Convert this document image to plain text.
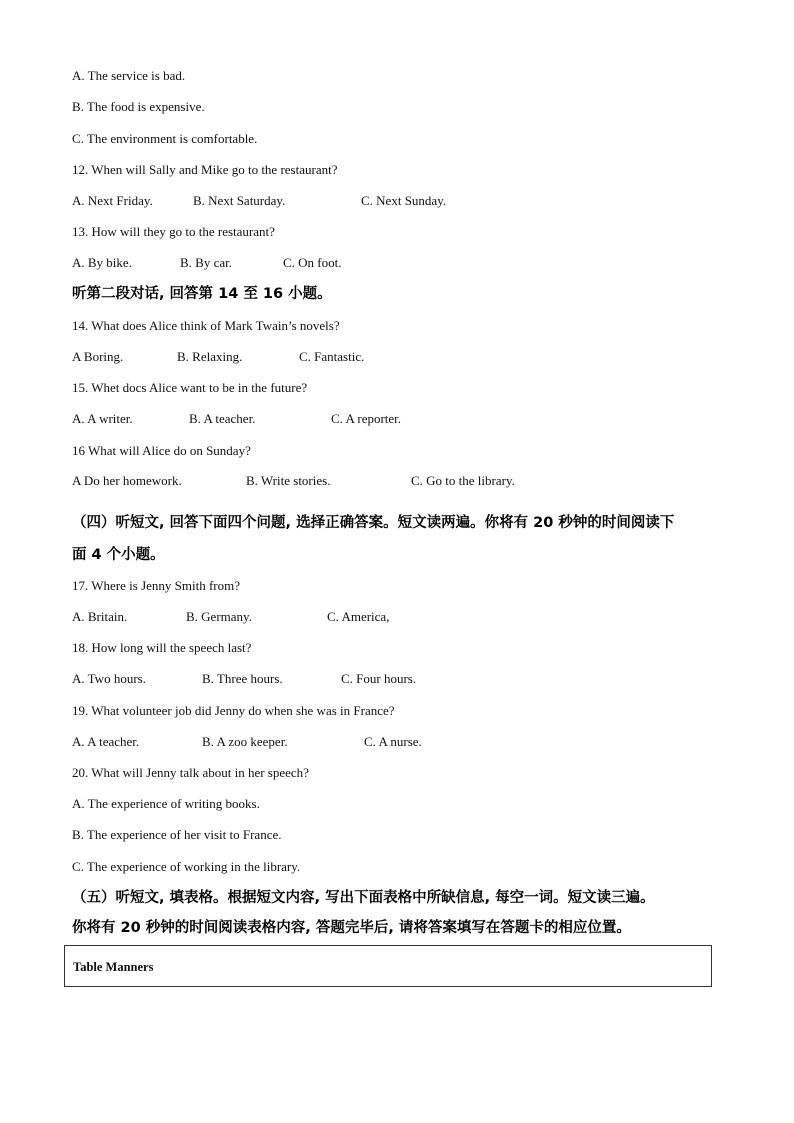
A. The service is bad.
B. The food is expensive.
C. The environment is comfortable.
12. When will Sally and Mike go to the restaurant?
A. Next Friday.	B. Next Saturday.	C. Next Sunday.
13. How will they go to the restaurant?
A. By bike.	B. By car.	C. On foot.
听第二段对话, 回答第 14 至 16 小题。
14. What does Alice think of Mark Twain’s novels?
A Boring.	B. Relaxing.	C. Fantastic.
15. Whet docs Alice want to be in the future?
A. A writer.	B. A teacher.	C. A reporter.
16 What will Alice do on Sunday?
A Do her homework.	B. Write stories.	C. Go to the library.
（四）听短文, 回答下面四个问题, 选择正确答案。短文读两遍。你将有 20 秒钟的时间阅读下
面 4 个小题。
17. Where is Jenny Smith from?
A. Britain.	B. Germany.	C. America,
18. How long will the speech last?
A. Two hours.	B. Three hours.	C. Four hours.
19. What volunteer job did Jenny do when she was in France?
A. A teacher.	B. A zoo keeper.	C. A nurse.
20. What will Jenny talk about in her speech?
A. The experience of writing books.
B. The experience of her visit to France.
C. The experience of working in the library.
（五）听短文, 填表格。根据短文内容, 写出下面表格中所缺信息, 每空一词。短文读三遍。
你将有 20 秒钟的时间阅读表格内容, 答题完毕后, 请将答案填写在答题卡的相应位置。
Table Manners
